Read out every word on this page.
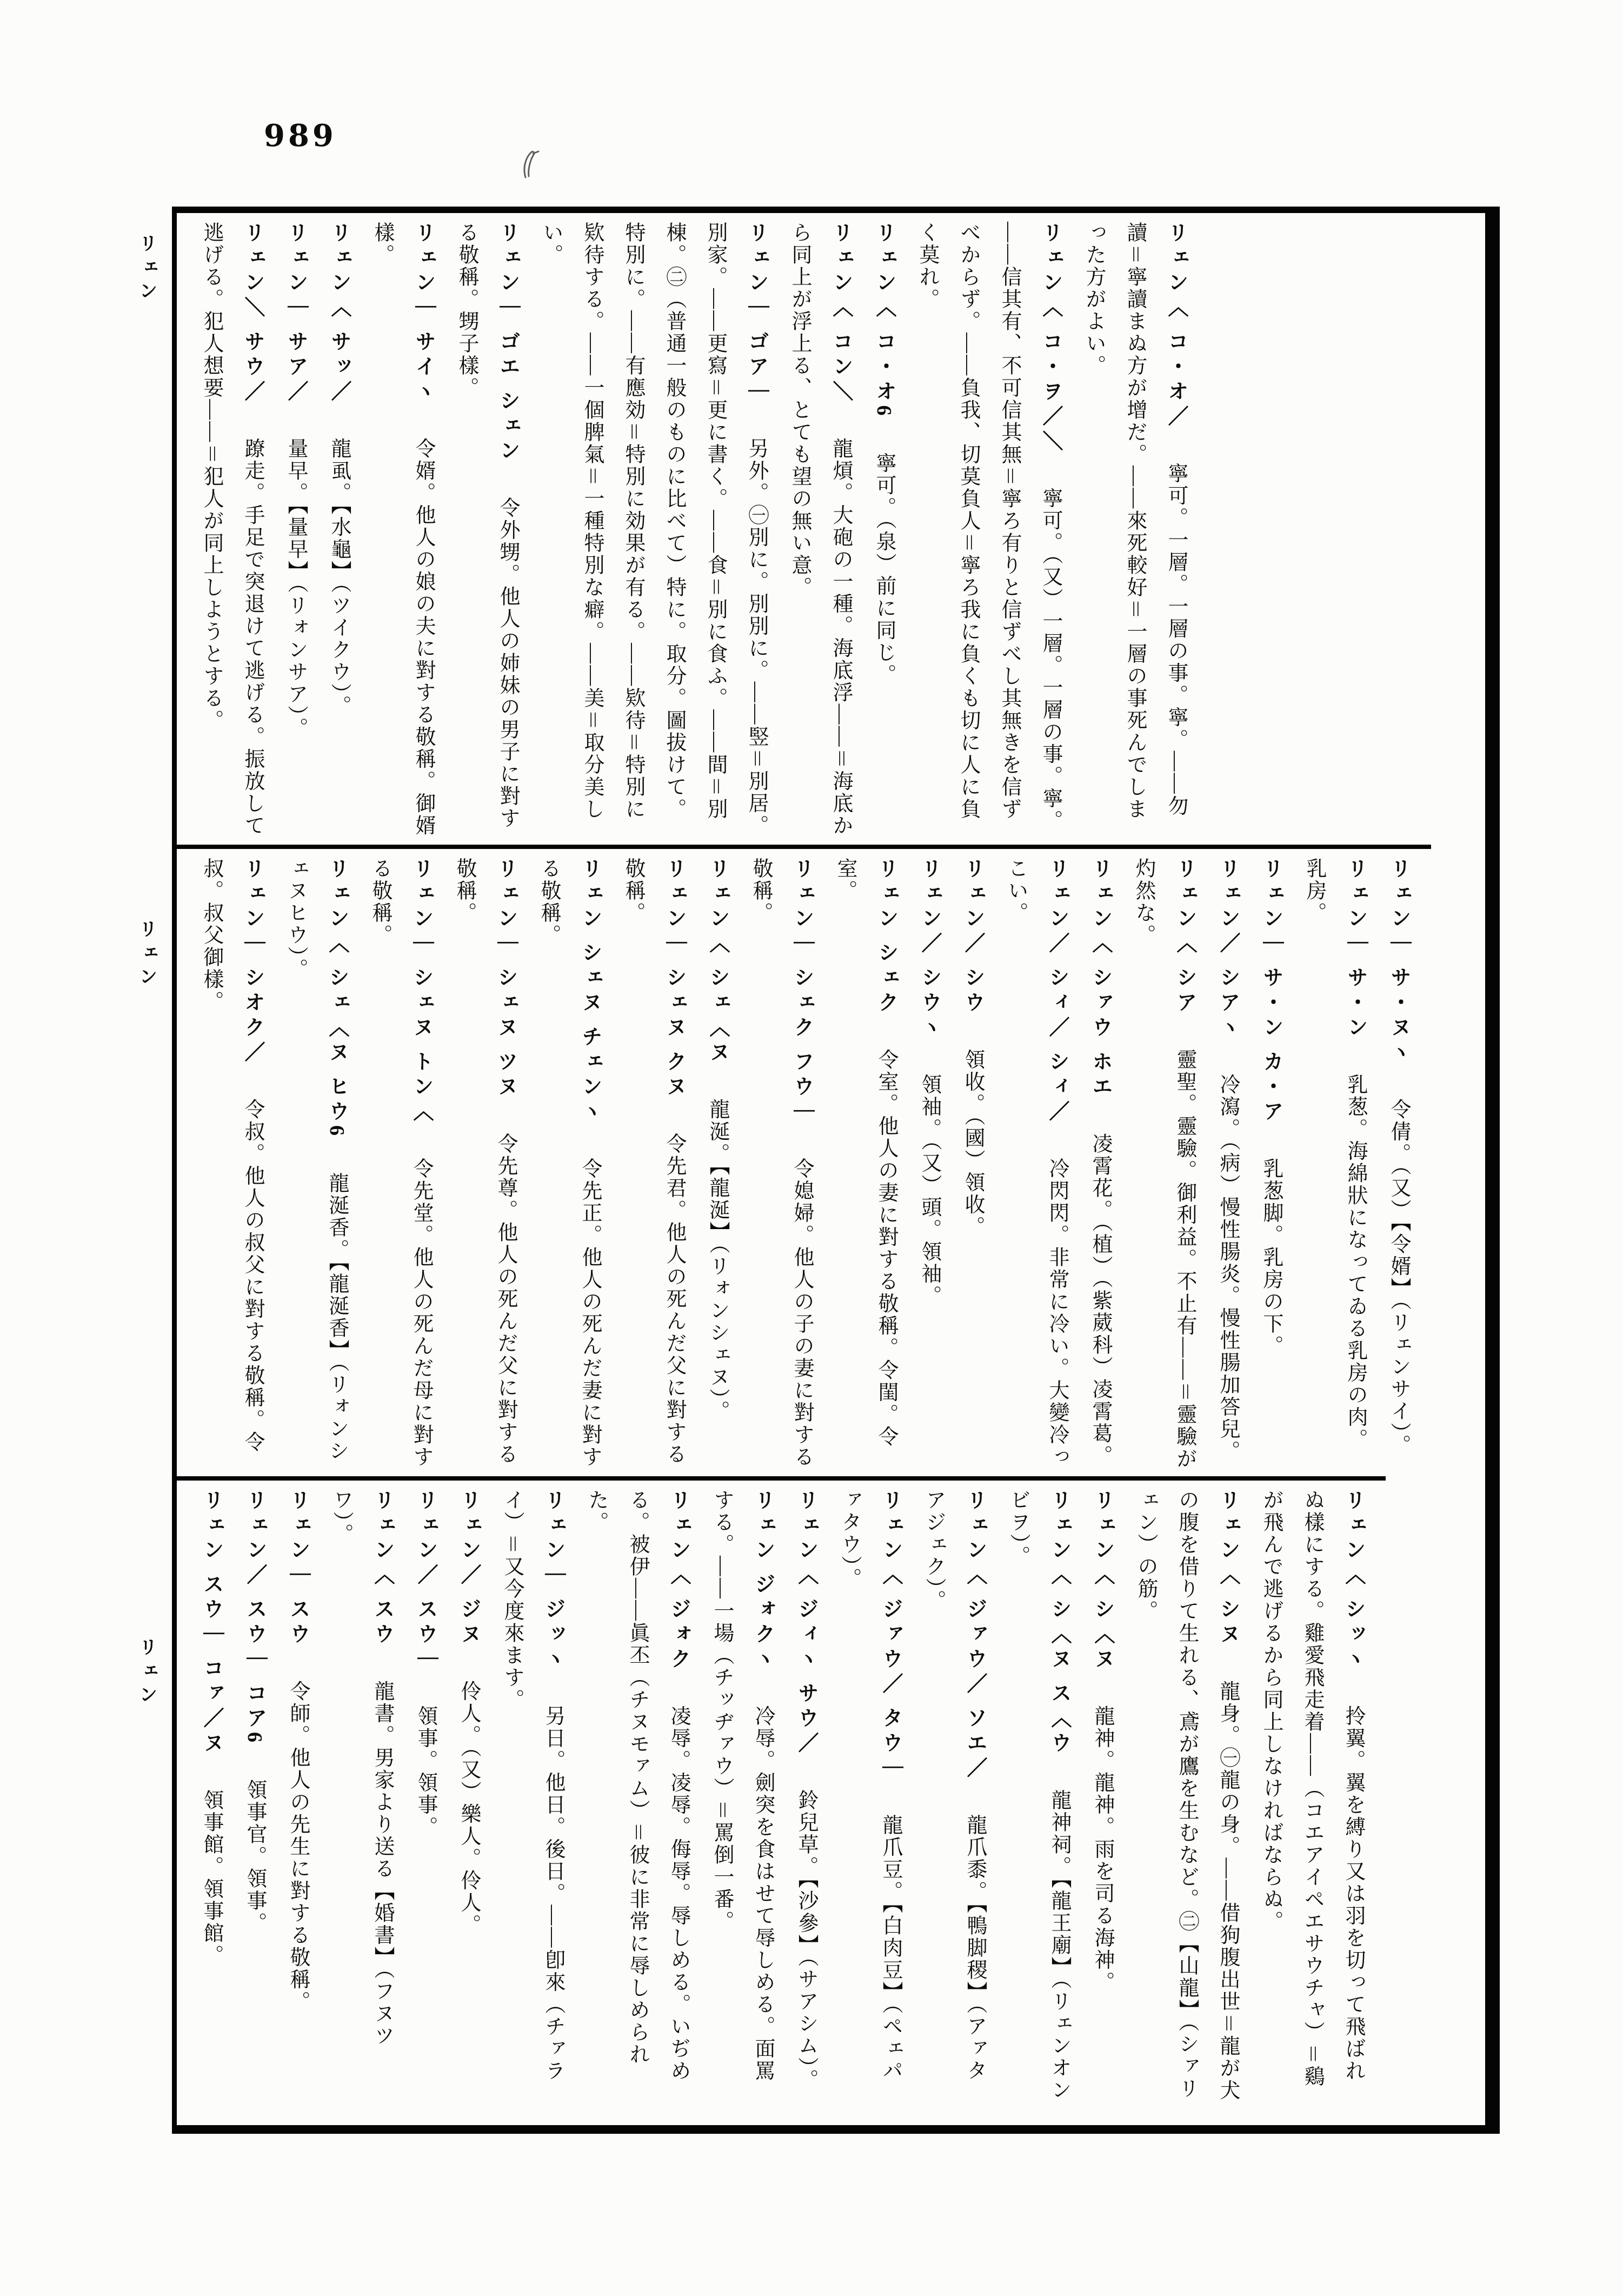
989
リェン〈 コ・オ／　寧可。一層。一層の事。寧。——勿讀＝寧讀まぬ方が增だ。——來死較好＝一層の事死んでしまった方がよい。リェン〈 コ・ヲ／＼　寧可。（又）一層。一層の事。寧。——信其有、不可信其無＝寧ろ有りと信ずべし其無きを信ずべからず。——負我、切莫負人＝寧ろ我に負くも切に人に負く莫れ。リェン〈 コ・オ6　寧可。（泉）前に同じ。リェン〈 コン＼　龍熕。大砲の一種。海底浮——＝海底から同上が浮上る、とても望の無い意。リェン｜ ゴア｜　另外。㊀別に。別別に。——竪＝別居。別家。——更寫＝更に書く。——食＝別に食ふ。——間＝別棟。㊁（普通一般のものに比べて）特に。取分。圖拔けて。特別に。——有應効＝特別に効果が有る。——欵待＝特別に欵待する。——一個脾氣＝一種特別な癖。——美＝取分美しい。リェン｜ ゴエ シェン　令外甥。他人の姉妹の男子に對する敬稱。甥子樣。リェン｜ サイヽ　令婿。他人の娘の夫に對する敬稱。御婿樣。リェン〈 サッ／　龍虱。【水龜】（ツイクウ）。リェン｜ サア／　量早。【量早】（リォンサア）。リェン＼ サウ／　蹽走。手足で突退けて逃げる。振放して逃げる。犯人想要——＝犯人が同上しようとする。
リェン｜ サ・ヌヽ　令倩。（又）【令婿】（リェンサイ）。リェン｜ サ・ン　乳葱。海綿狀になってゐる乳房の肉。乳房。リェン｜ サ・ン カ・ア　乳葱脚。乳房の下。リェン／ シアヽ　冷瀉。（病）慢性腸炎。慢性腸加答兒。リェン〈 シア　靈聖。靈驗。御利益。不止有——＝靈驗が灼然な。リェン〈 シァウ ホエ　凌霄花。（植）（紫葳科）凌霄葛。リェン／ シィ／ シィ／　冷閃閃。非常に冷い。大變冷っこい。リェン／ シウ　領收。（國）領收。リェン／ シウヽ　領袖。（又）頭。領袖。リェン シェク　令室。他人の妻に對する敬稱。令閨。令室。リェン｜ シェク フウ｜　令媳婦。他人の子の妻に對する敬稱。リェン〈 シェ〈ヌ　龍涎。【龍涎】（リォンシェヌ）。リェン｜ シェヌ クヌ　令先君。他人の死んだ父に對する敬稱。リェン シェヌ チェンヽ　令先正。他人の死んだ妻に對する敬稱。リェン｜ シェヌ ツヌ　令先尊。他人の死んだ父に對する敬稱。リェン｜ シェヌ トン〈　令先堂。他人の死んだ母に對する敬稱。リェン〈 シェ〈ヌ ヒウ6　龍涎香。【龍涎香】（リォンシェヌヒウ）。リェン｜ シオク／　令叔。他人の叔父に對する敬稱。令叔。叔父御樣。
リェン〈 シッヽ　拎翼。翼を縛り又は羽を切って飛ばれぬ樣にする。雞愛飛走着——（コエアイペエサウチャ）＝鷄が飛んで逃げるから同上しなければならぬ。リェン〈 シヌ　龍身。㊀龍の身。——借狗腹出世＝龍が犬の腹を借りて生れる、鳶が鷹を生むなど。㊁【山龍】（シァリェン）の筋。リェン〈 シ〈ヌ　龍神。龍神。雨を司る海神。リェン〈 シ〈ヌ ス〈ウ　龍神祠。【龍王廟】（リェンオンビヲ）。リェン〈 ジァウ／ ソエ／　龍爪黍。【鴨脚稷】（アァタアジェク）。リェン〈 ジァウ／ タウ｜　龍爪豆。【白肉豆】（ペェパァタウ）。リェン〈 ジィヽ サウ／　鈴兒草。【沙參】（サアシム）。リェン ジォクヽ　冷辱。劍突を食はせて辱しめる。面罵する。——一場（チッヂァウ）＝罵倒一番。リェン〈 ジォク　凌辱。凌辱。侮辱。辱しめる。いぢめる。被伊——眞丕（チヌモァム）＝彼に非常に辱しめられた。リェン｜ ジッヽ　另日。他日。後日。——卽來（チァライ）＝又今度來ます。リェン／ ジヌ　伶人。（又）樂人。伶人。リェン／ スウ｜　領事。領事。リェン〈 スウ　龍書。男家より送る【婚書】（フヌツワ）。リェン｜ スウ　令師。他人の先生に對する敬稱。リェン／ スウ｜ コア6　領事官。領事。リェン スウ｜ コァ／ヌ　領事館。領事館。
リェン
リェン
リェン
